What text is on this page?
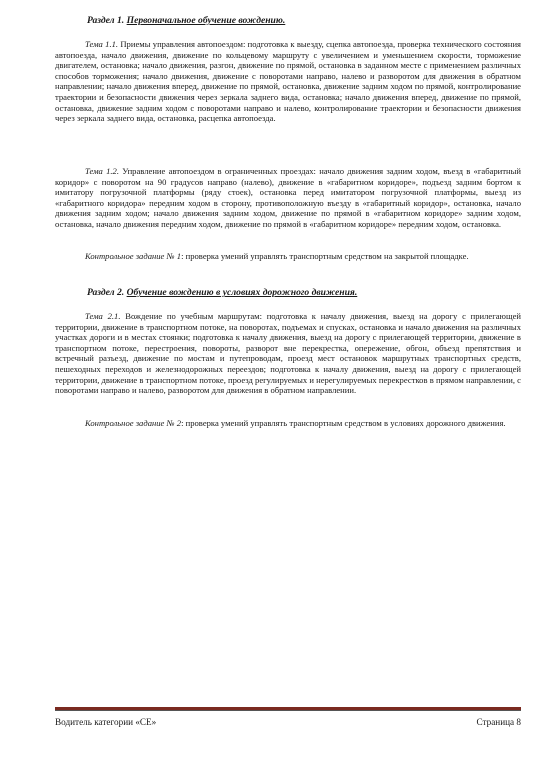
Раздел 1. Первоначальное обучение вождению.

Тема 1.1. Приемы управления автопоездом: подготовка к выезду, сцепка автопоезда, проверка технического состояния автопоезда, начало движения, движение по кольцевому маршруту с увеличением и уменьшением скорости, торможение двигателем, остановка; начало движения, разгон, движение по прямой, остановка в заданном месте с применением различных способов торможения; начало движения, движение с поворотами направо, налево и разворотом для движения в обратном направлении; начало движения вперед, движение по прямой, остановка, движение задним ходом по прямой, контролирование траектории и безопасности движения через зеркала заднего вида, остановка; начало движения вперед, движение по прямой, остановка, движение задним ходом с поворотами направо и налево, контролирование траектории и безопасности движения через зеркала заднего вида, остановка, расцепка автопоезда.

Тема 1.2. Управление автопоездом в ограниченных проездах: начало движения задним ходом, въезд в «габаритный коридор» с поворотом на 90 градусов направо (налево), движение в «габаритном коридоре», подъезд задним бортом к имитатору погрузочной платформы (ряду стоек), остановка перед имитатором погрузочной платформы, выезд из «габаритного коридора» передним ходом в сторону, противоположную въезду в «габаритный коридор», остановка, начало движения задним ходом; начало движения задним ходом, движение по прямой в «габаритном коридоре» задним ходом, остановка, начало движения передним ходом, движение по прямой в «габаритном коридоре» передним ходом, остановка.

Контрольное задание № 1: проверка умений управлять транспортным средством на закрытой площадке.

Раздел 2. Обучение вождению в условиях дорожного движения.

Тема 2.1. Вождение по учебным маршрутам: подготовка к началу движения, выезд на дорогу с прилегающей территории, движение в транспортном потоке, на поворотах, подъемах и спусках, остановка и начало движения на различных участках дороги и в местах стоянки; подготовка к началу движения, выезд на дорогу с прилегающей территории, движение в транспортном потоке, перестроения, повороты, разворот вне перекрестка, опережение, обгон, объезд препятствия и встречный разъезд, движение по мостам и путепроводам, проезд мест остановок маршрутных транспортных средств, пешеходных переходов и железнодорожных переездов; подготовка к началу движения, выезд на дорогу с прилегающей территории, движение в транспортном потоке, проезд регулируемых и нерегулируемых перекрестков в прямом направлении, с поворотами направо и налево, разворотом для движения в обратном направлении.

Контрольное задание № 2: проверка умений управлять транспортным средством в условиях дорожного движения.

Водитель категории «СЕ»	Страница 8
